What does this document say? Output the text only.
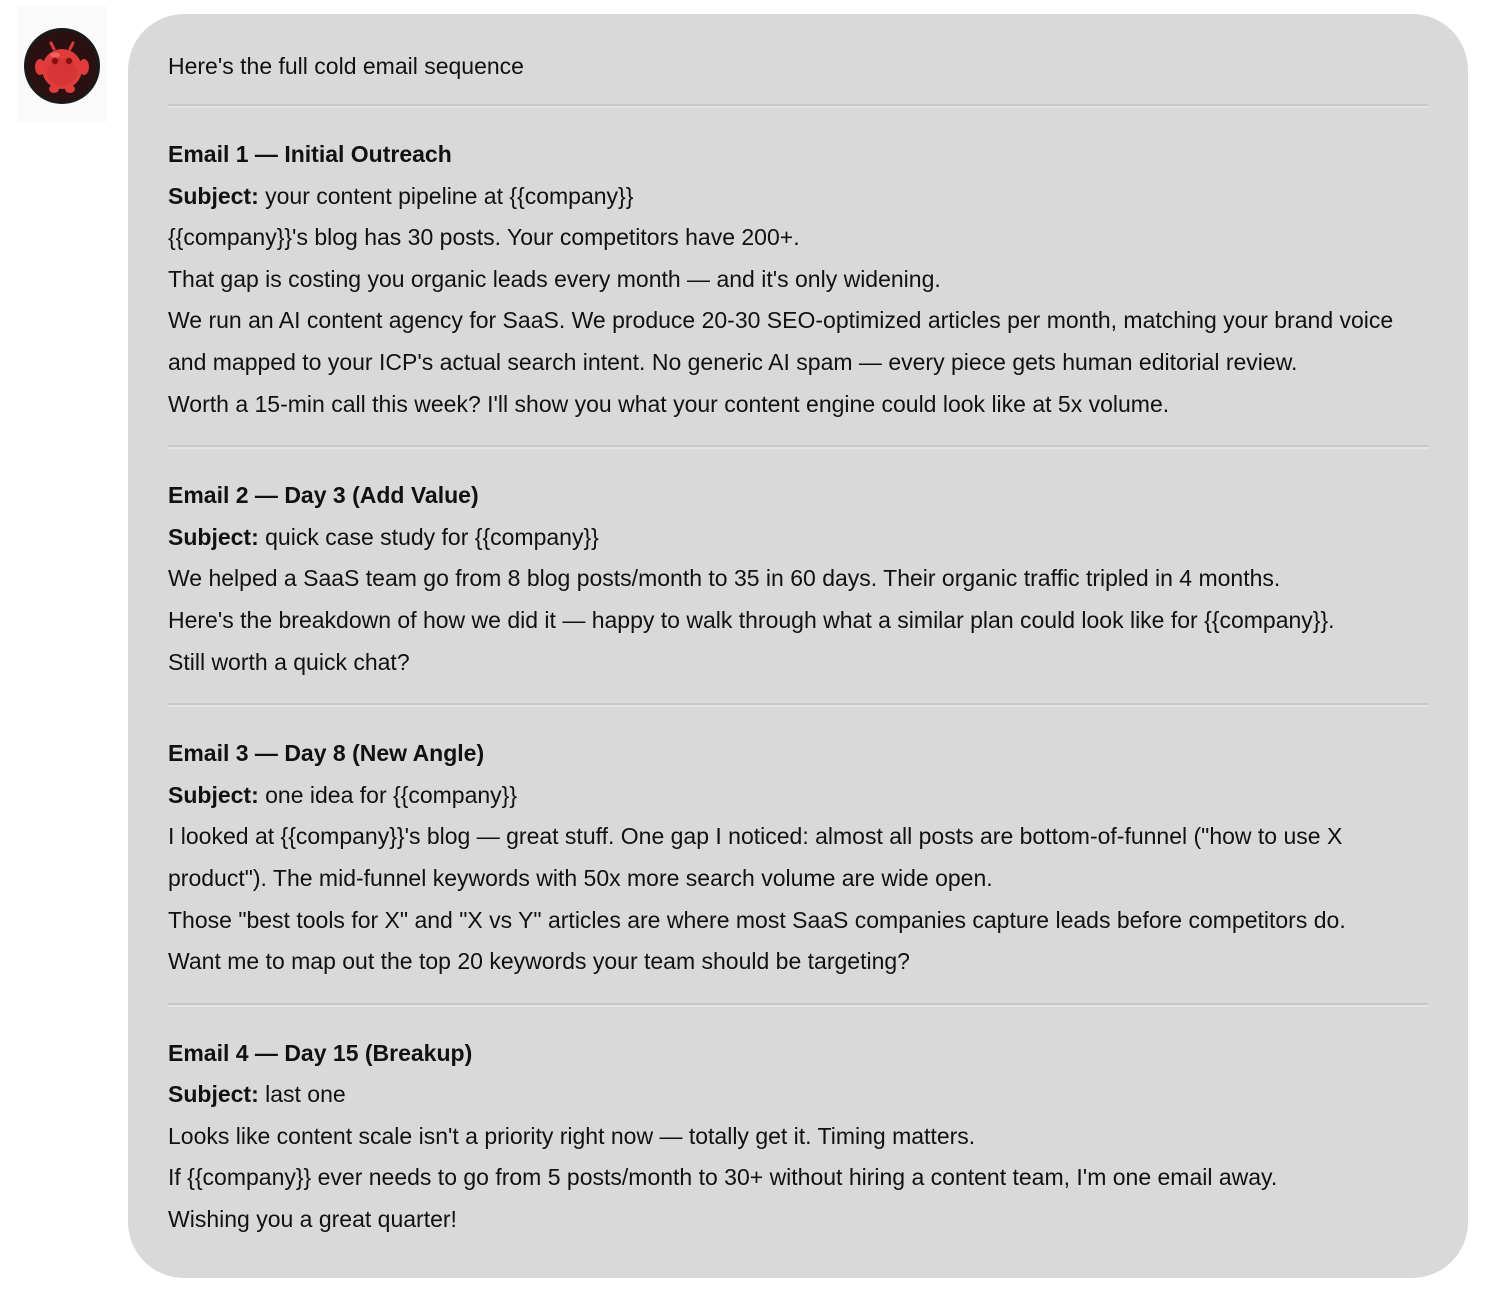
Here's the full cold email sequence

Email 1 — Initial Outreach

Subject: your content pipeline at {{company}}

{{company}}'s blog has 30 posts. Your competitors have 200+.

That gap is costing you organic leads every month — and it's only widening.

We run an AI content agency for SaaS. We produce 20-30 SEO-optimized articles per month, matching your brand voice and mapped to your ICP's actual search intent. No generic AI spam — every piece gets human editorial review.

Worth a 15-min call this week? I'll show you what your content engine could look like at 5x volume.

Email 2 — Day 3 (Add Value)

Subject: quick case study for {{company}}

We helped a SaaS team go from 8 blog posts/month to 35 in 60 days. Their organic traffic tripled in 4 months.

Here's the breakdown of how we did it — happy to walk through what a similar plan could look like for {{company}}.

Still worth a quick chat?

Email 3 — Day 8 (New Angle)

Subject: one idea for {{company}}

I looked at {{company}}'s blog — great stuff. One gap I noticed: almost all posts are bottom-of-funnel ("how to use X product"). The mid-funnel keywords with 50x more search volume are wide open.

Those "best tools for X" and "X vs Y" articles are where most SaaS companies capture leads before competitors do.

Want me to map out the top 20 keywords your team should be targeting?

Email 4 — Day 15 (Breakup)

Subject: last one

Looks like content scale isn't a priority right now — totally get it. Timing matters.

If {{company}} ever needs to go from 5 posts/month to 30+ without hiring a content team, I'm one email away.

Wishing you a great quarter!
